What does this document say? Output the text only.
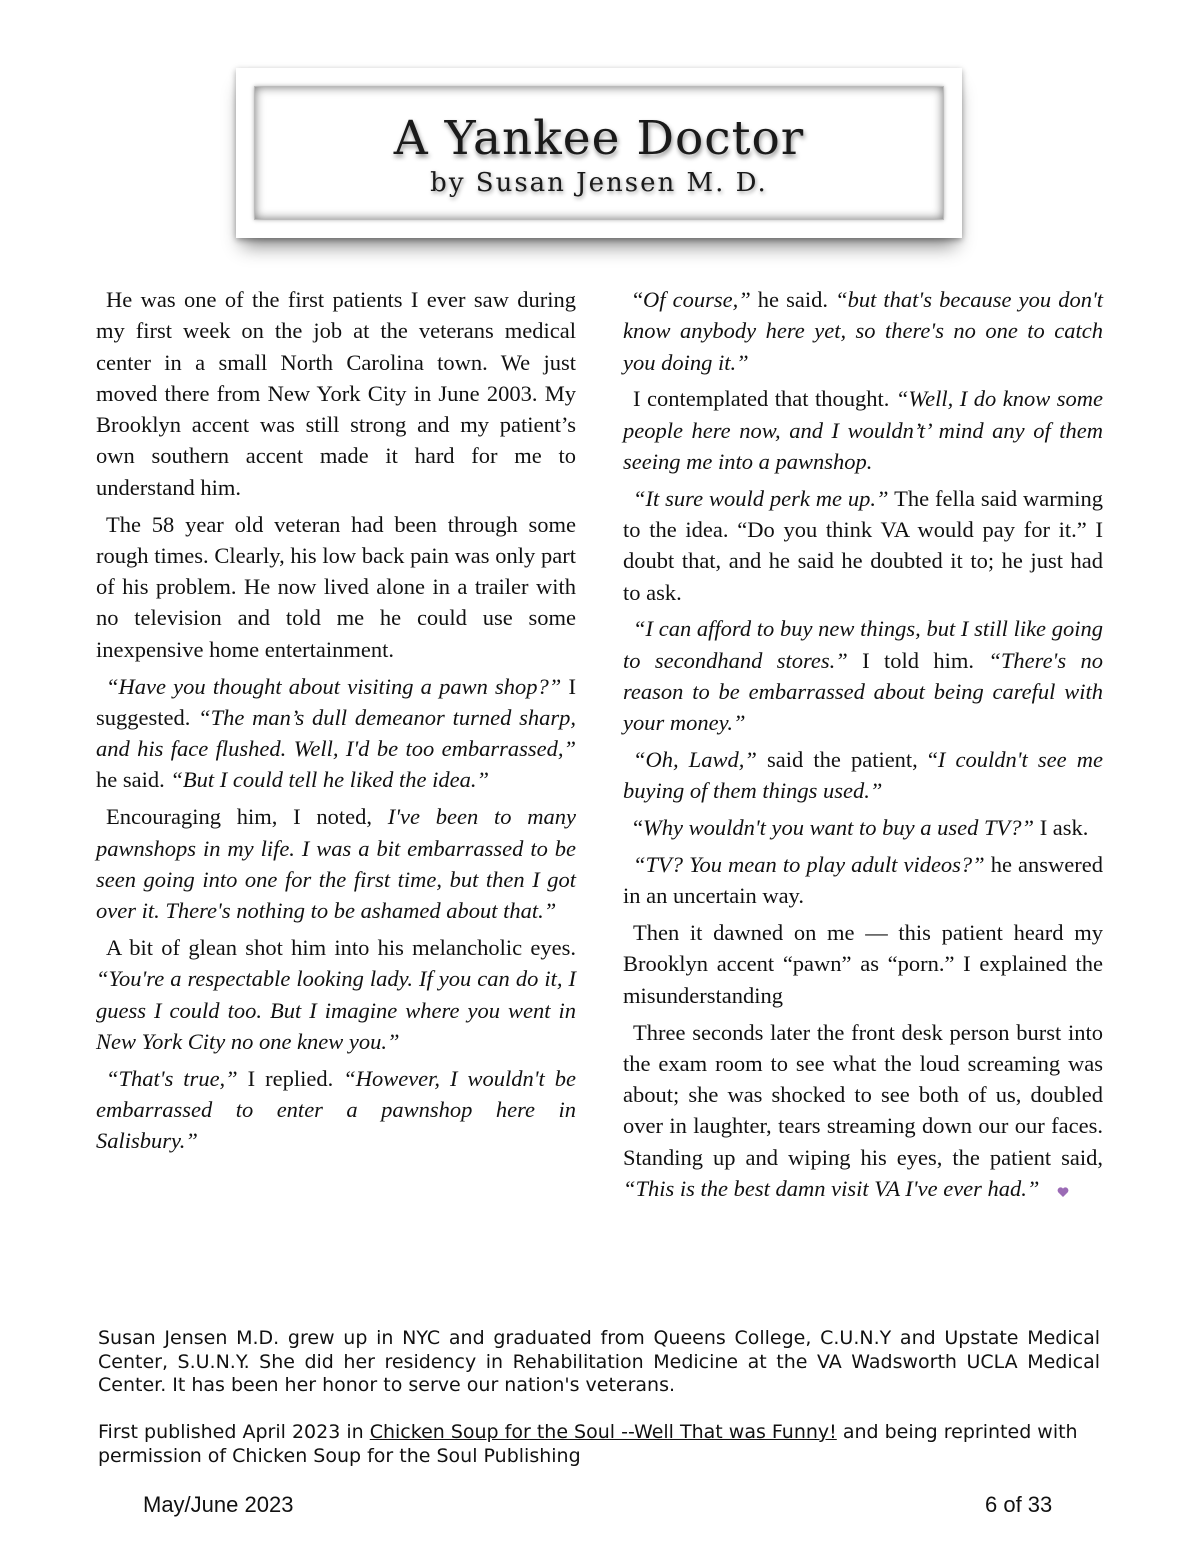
A Yankee Doctor
by Susan Jensen M. D.

He was one of the first patients I ever saw during my first week on the job at the veterans medical center in a small North Carolina town. We just moved there from New York City in June 2003. My Brooklyn accent was still strong and my patient’s own southern accent made it hard for me to understand him.

The 58 year old veteran had been through some rough times. Clearly, his low back pain was only part of his problem. He now lived alone in a trailer with no television and told me he could use some inexpensive home entertainment.

“Have you thought about visiting a pawn shop?” I suggested. “The man’s dull demeanor turned sharp, and his face flushed. Well, I'd be too embarrassed,” he said. “But I could tell he liked the idea.”

Encouraging him, I noted, I've been to many pawnshops in my life. I was a bit embarrassed to be seen going into one for the first time, but then I got over it. There's nothing to be ashamed about that.”

A bit of glean shot him into his melancholic eyes. “You're a respectable looking lady. If you can do it, I guess I could too. But I imagine where you went in New York City no one knew you.”

“That's true,” I replied. “However, I wouldn't be embarrassed to enter a pawnshop here in Salisbury.”

“Of course,” he said. “but that's because you don't know anybody here yet, so there's no one to catch you doing it.”

I contemplated that thought. “Well, I do know some people here now, and I wouldn’t’ mind any of them seeing me into a pawnshop.

“It sure would perk me up.” The fella said warming to the idea. “Do you think VA would pay for it.” I doubt that, and he said he doubted it to; he just had to ask.

“I can afford to buy new things, but I still like going to secondhand stores.” I told him. “There's no reason to be embarrassed about being careful with your money.”

“Oh, Lawd,” said the patient, “I couldn't see me buying of them things used.”

“Why wouldn't you want to buy a used TV?” I ask.

“TV? You mean to play adult videos?” he answered in an uncertain way.

Then it dawned on me — this patient heard my Brooklyn accent “pawn” as “porn.” I explained the misunderstanding

Three seconds later the front desk person burst into the exam room to see what the loud screaming was about; she was shocked to see both of us, doubled over in laughter, tears streaming down our our faces. Standing up and wiping his eyes, the patient said, “This is the best damn visit VA I've ever had.”

Susan Jensen M.D. grew up in NYC and graduated from Queens College, C.U.N.Y and Upstate Medical Center, S.U.N.Y. She did her residency in Rehabilitation Medicine at the VA Wadsworth UCLA Medical Center. It has been her honor to serve our nation's veterans.
First published April 2023 in Chicken Soup for the Soul --Well That was Funny! and being reprinted with permission of Chicken Soup for the Soul Publishing
May/June 2023	6 of 33
